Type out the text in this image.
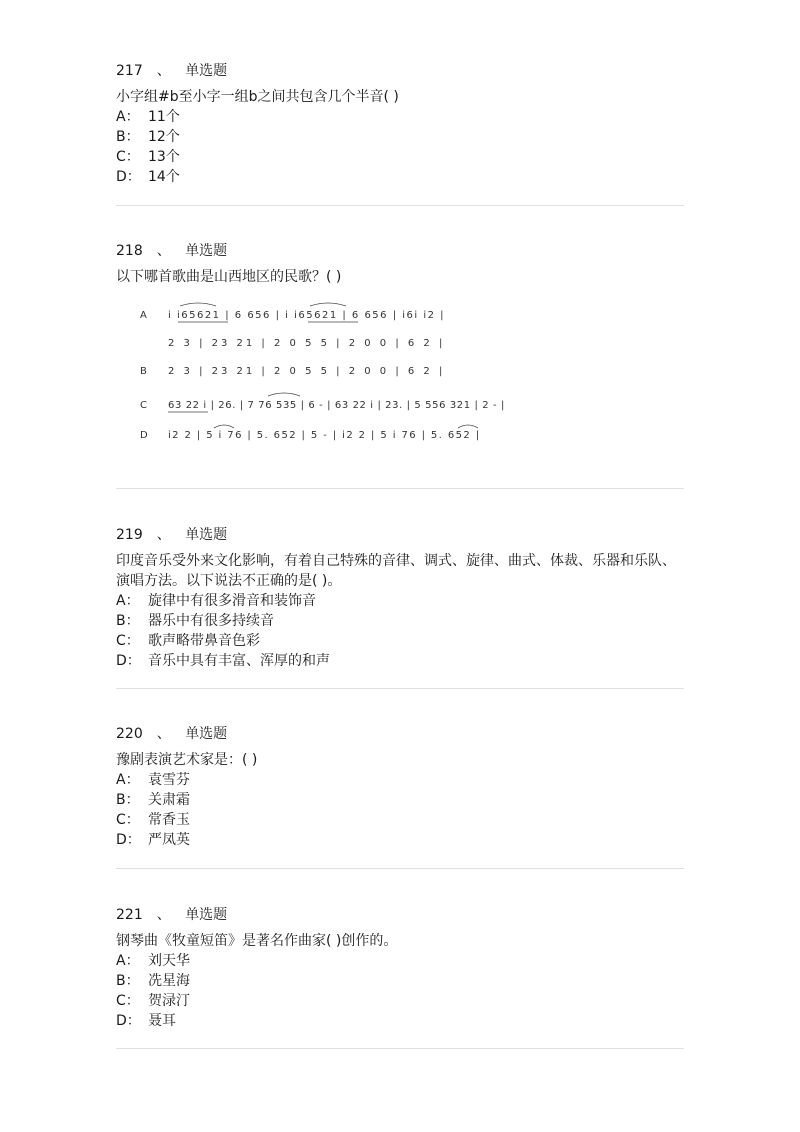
217 、 单选题
小字组#b至小字一组b之间共包含几个半音( )
A： 11个
B： 12个
C： 13个
D： 14个
218 、 单选题
以下哪首歌曲是山西地区的民歌？( )
A i i65621 | 6 656 | i i65621 | 6 656 | i6i i2 |
2 3 | 23 21 | 2 0 5 5 | 2 0 0 | 6 2 |
B 2 3 | 23 21 | 2 0 5 5 | 2 0 0 | 6 2 |
C 63 22 i | 26. | 7 76 535 | 6 - | 63 22 i | 23. | 5 556 321 | 2 - |
D i2 2 | 5 i 76 | 5. 652 | 5 - | i2 2 | 5 i 76 | 5. 652 |
219 、 单选题
印度音乐受外来文化影响，有着自己特殊的音律、调式、旋律、曲式、体裁、乐器和乐队、演唱方法。以下说法不正确的是( )。
A： 旋律中有很多滑音和装饰音
B： 器乐中有很多持续音
C： 歌声略带鼻音色彩
D： 音乐中具有丰富、浑厚的和声
220 、 单选题
豫剧表演艺术家是：( )
A： 袁雪芬
B： 关肃霜
C： 常香玉
D： 严凤英
221 、 单选题
钢琴曲《牧童短笛》是著名作曲家( )创作的。
A： 刘天华
B： 冼星海
C： 贺渌汀
D： 聂耳
